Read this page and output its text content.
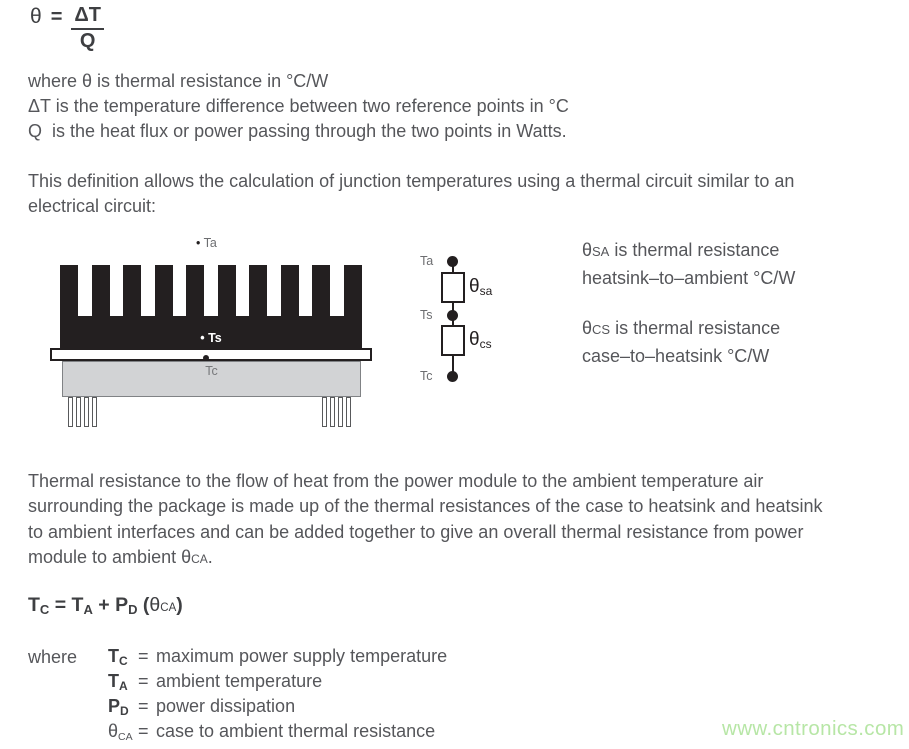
$\theta = \frac{\Delta T}{Q}$
where θ is thermal resistance in °C/W
ΔT is the temperature difference between two reference points in °C
Q  is the heat flux or power passing through the two points in Watts.
This definition allows the calculation of junction temperatures using a thermal circuit similar to an
electrical circuit:
• Ta
• Ts
Tc
Ta
Ts
Tc
θsa
θcs
θSA is thermal resistance
heatsink–to–ambient °C/W
θCS is thermal resistance
case–to–heatsink °C/W
Thermal resistance to the flow of heat from the power module to the ambient temperature air
surrounding the package is made up of the thermal resistances of the case to heatsink and heatsink
to ambient interfaces and can be added together to give an overall thermal resistance from power
module to ambient θCA.
TC = TA + PD (θCA)
where TC = maximum power supply temperature
TA = ambient temperature
PD = power dissipation
θCA = case to ambient thermal resistance	www.cntronics.com
